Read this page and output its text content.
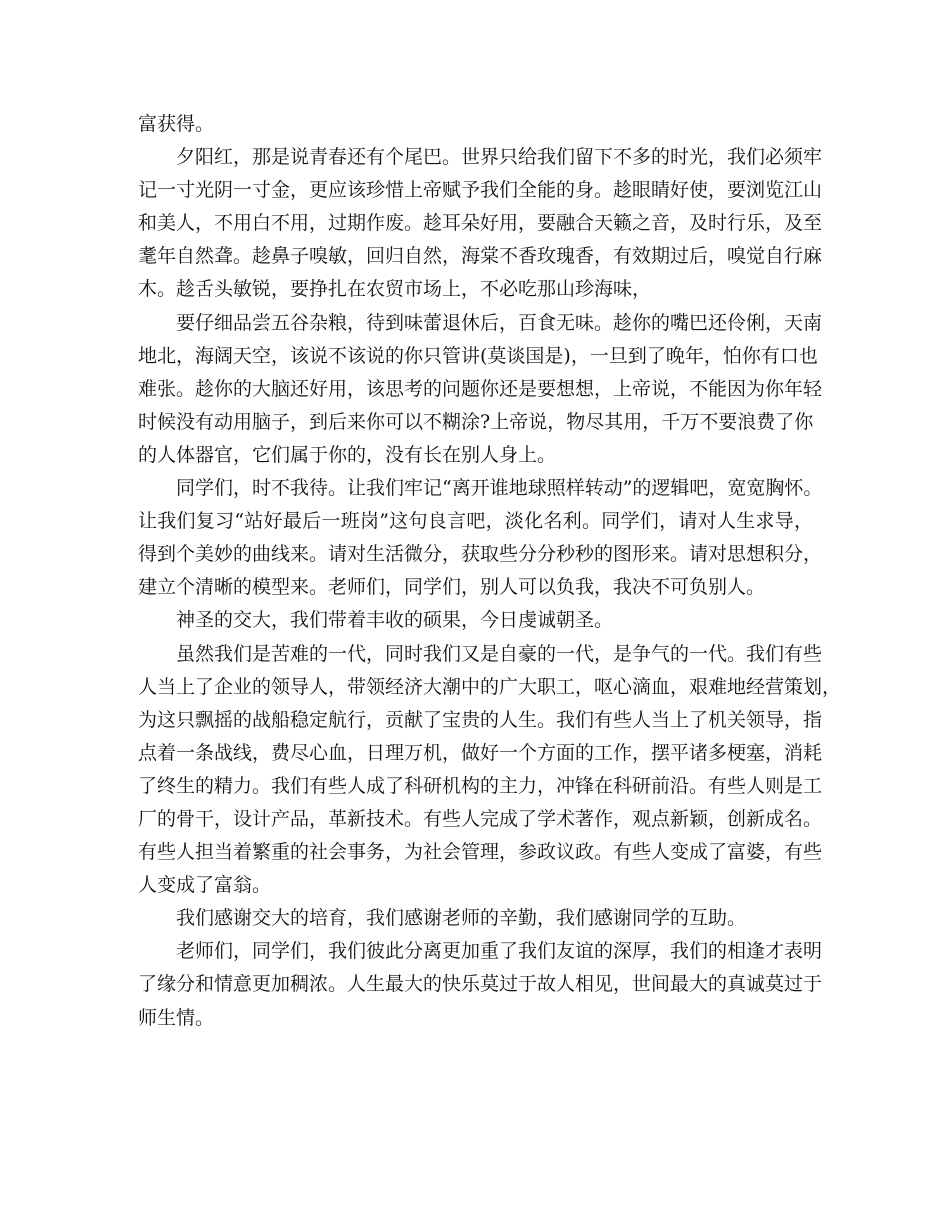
富获得。
夕阳红，那是说青春还有个尾巴。世界只给我们留下不多的时光，我们必须牢
记一寸光阴一寸金，更应该珍惜上帝赋予我们全能的身。趁眼睛好使，要浏览江山
和美人，不用白不用，过期作废。趁耳朵好用，要融合天籁之音，及时行乐，及至
耄年自然聋。趁鼻子嗅敏，回归自然，海棠不香玫瑰香，有效期过后，嗅觉自行麻
木。趁舌头敏锐，要挣扎在农贸市场上，不必吃那山珍海味，
要仔细品尝五谷杂粮，待到味蕾退休后，百食无味。趁你的嘴巴还伶俐，天南
地北，海阔天空，该说不该说的你只管讲(莫谈国是)，一旦到了晚年，怕你有口也
难张。趁你的大脑还好用，该思考的问题你还是要想想，上帝说，不能因为你年轻
时候没有动用脑子，到后来你可以不糊涂?上帝说，物尽其用，千万不要浪费了你
的人体器官，它们属于你的，没有长在别人身上。
同学们，时不我待。让我们牢记“离开谁地球照样转动”的逻辑吧，宽宽胸怀。
让我们复习“站好最后一班岗”这句良言吧，淡化名利。同学们，请对人生求导，
得到个美妙的曲线来。请对生活微分，获取些分分秒秒的图形来。请对思想积分，
建立个清晰的模型来。老师们，同学们，别人可以负我，我决不可负别人。
神圣的交大，我们带着丰收的硕果，今日虔诚朝圣。
虽然我们是苦难的一代，同时我们又是自豪的一代，是争气的一代。我们有些
人当上了企业的领导人，带领经济大潮中的广大职工，呕心滴血，艰难地经营策划，
为这只飘摇的战船稳定航行，贡献了宝贵的人生。我们有些人当上了机关领导，指
点着一条战线，费尽心血，日理万机，做好一个方面的工作，摆平诸多梗塞，消耗
了终生的精力。我们有些人成了科研机构的主力，冲锋在科研前沿。有些人则是工
厂的骨干，设计产品，革新技术。有些人完成了学术著作，观点新颖，创新成名。
有些人担当着繁重的社会事务，为社会管理，参政议政。有些人变成了富婆，有些
人变成了富翁。
我们感谢交大的培育，我们感谢老师的辛勤，我们感谢同学的互助。
老师们，同学们，我们彼此分离更加重了我们友谊的深厚，我们的相逢才表明
了缘分和情意更加稠浓。人生最大的快乐莫过于故人相见，世间最大的真诚莫过于
师生情。
